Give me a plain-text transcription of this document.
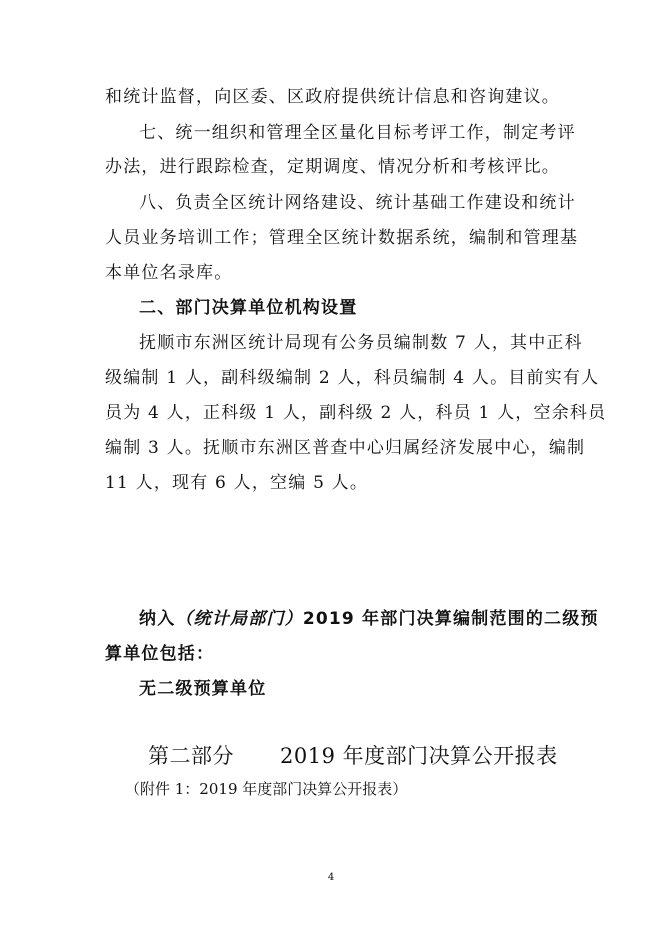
和统计监督，向区委、区政府提供统计信息和咨询建议。
七、统一组织和管理全区量化目标考评工作，制定考评
办法，进行跟踪检查，定期调度、情况分析和考核评比。
八、负责全区统计网络建设、统计基础工作建设和统计
人员业务培训工作；管理全区统计数据系统，编制和管理基
本单位名录库。
二、部门决算单位机构设置
抚顺市东洲区统计局现有公务员编制数 7 人，其中正科
级编制 1 人，副科级编制 2 人，科员编制 4 人。目前实有人
员为 4 人，正科级 1 人，副科级 2 人，科员 1 人，空余科员
编制 3 人。抚顺市东洲区普查中心归属经济发展中心，编制
11 人，现有 6 人，空编 5 人。
纳入（统计局部门）2019 年部门决算编制范围的二级预
算单位包括：
无二级预算单位
第二部分 2019 年度部门决算公开报表
（附件 1：2019 年度部门决算公开报表）
4
